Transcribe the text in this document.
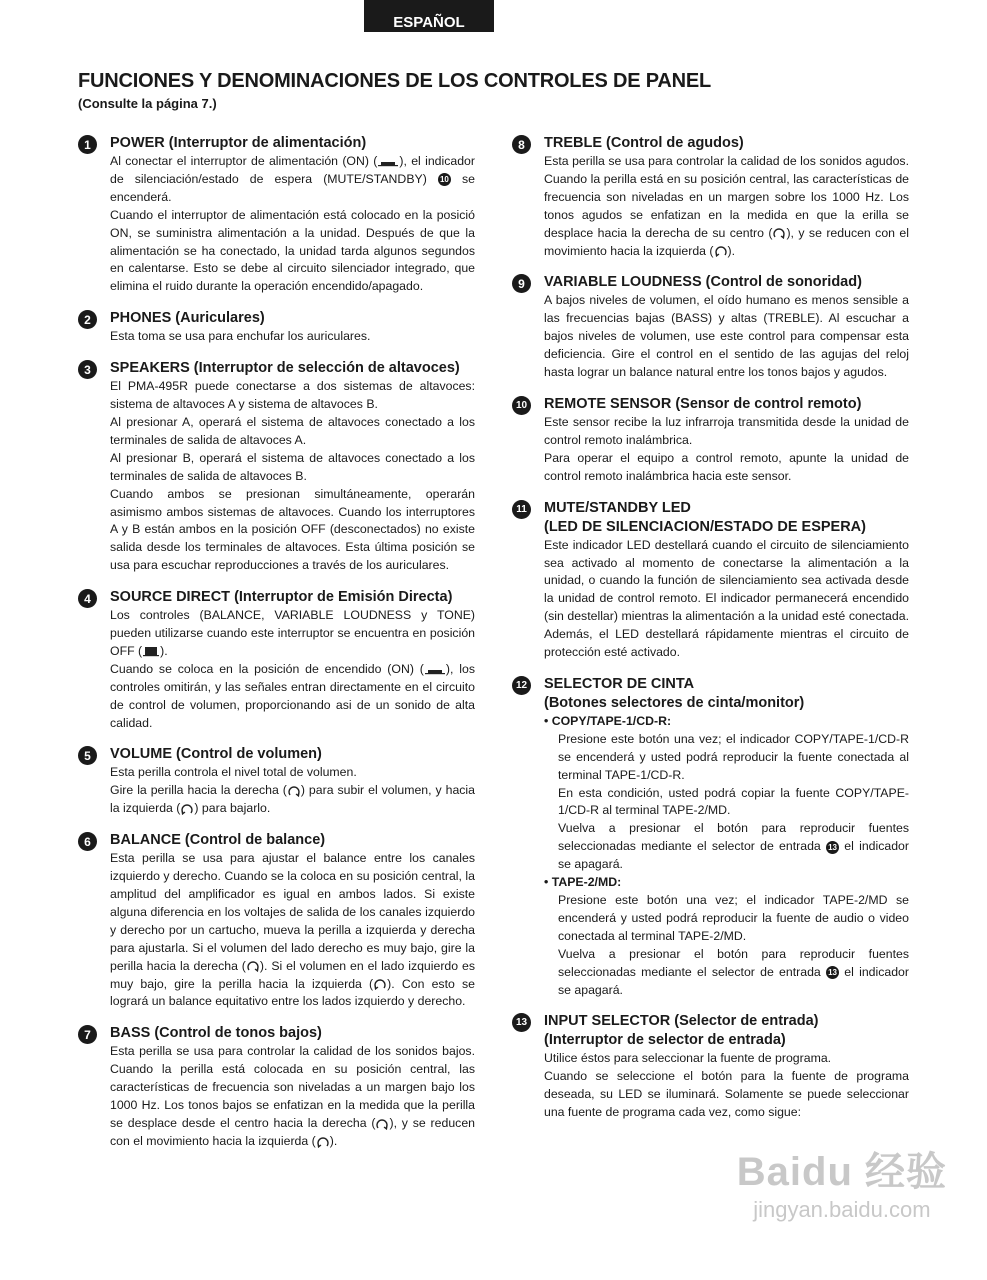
ESPAÑOL
FUNCIONES Y DENOMINACIONES DE LOS CONTROLES DE PANEL
(Consulte la página 7.)
1	POWER (Interruptor de alimentación)

Al conectar el interruptor de alimentación (ON) ( ), el indicador de silenciación/estado de espera (MUTE/STANDBY) 10 se encenderá.

Cuando el interruptor de alimentación está colocado en la posició ON, se suministra alimentación a la unidad. Después de que la alimentación se ha conectado, la unidad tarda algunos segundos en calentarse. Esto se debe al circuito silenciador integrado, que elimina el ruido durante la operación encendido/apagado.

2	PHONES (Auriculares)

Esta toma se usa para enchufar los auriculares.

3	SPEAKERS (Interruptor de selección de altavoces)

El PMA-495R puede conectarse a dos sistemas de altavoces: sistema de altavoces A y sistema de altavoces B.

Al presionar A, operará el sistema de altavoces conectado a los terminales de salida de altavoces A.

Al presionar B, operará el sistema de altavoces conectado a los terminales de salida de altavoces B.

Cuando ambos se presionan simultáneamente, operarán asimismo ambos sistemas de altavoces. Cuando los interruptores A y B están ambos en la posición OFF (desconectados) no existe salida desde los terminales de altavoces. Esta última posición se usa para escuchar reproducciones a través de los auriculares.

4	SOURCE DIRECT (Interruptor de Emisión Directa)

Los controles (BALANCE, VARIABLE LOUDNESS y TONE) pueden utilizarse cuando este interruptor se encuentra en posición OFF ( ).

Cuando se coloca en la posición de encendido (ON) ( ), los controles omitirán, y las señales entran directamente en el circuito de control de volumen, proporcionando asi de un sonido de alta calidad.

5	VOLUME (Control de volumen)

Esta perilla controla el nivel total de volumen.

Gire la perilla hacia la derecha ( ) para subir el volumen, y hacia la izquierda ( ) para bajarlo.

6	BALANCE (Control de balance)

Esta perilla se usa para ajustar el balance entre los canales izquierdo y derecho. Cuando se la coloca en su posición central, la amplitud del amplificador es igual en ambos lados. Si existe alguna diferencia en los voltajes de salida de los canales izquierdo y derecho por un cartucho, mueva la perilla a izquierda y derecha para ajustarla. Si el volumen del lado derecho es muy bajo, gire la perilla hacia la derecha ( ). Si el volumen en el lado izquierdo es muy bajo, gire la perilla hacia la izquierda ( ). Con esto se logrará un balance equitativo entre los lados izquierdo y derecho.

7	BASS (Control de tonos bajos)

Esta perilla se usa para controlar la calidad de los sonidos bajos. Cuando la perilla está colocada en su posición central, las características de frecuencia son niveladas a un margen bajo los 1000 Hz. Los tonos bajos se enfatizan en la medida que la perilla se desplace desde el centro hacia la derecha ( ), y se reducen con el movimiento hacia la izquierda ( ).

8	TREBLE (Control de agudos)

Esta perilla se usa para controlar la calidad de los sonidos agudos. Cuando la perilla está en su posición central, las características de frecuencia son niveladas en un margen sobre los 1000 Hz. Los tonos agudos se enfatizan en la medida en que la erilla se desplace hacia la derecha de su centro ( ), y se reducen con el movimiento hacia la izquierda ( ).

9	VARIABLE LOUDNESS (Control de sonoridad)

A bajos niveles de volumen, el oído humano es menos sensible a las frecuencias bajas (BASS) y altas (TREBLE). Al escuchar a bajos niveles de volumen, use este control para compensar esta deficiencia. Gire el control en el sentido de las agujas del reloj hasta lograr un balance natural entre los tonos bajos y agudos.

10 REMOTE SENSOR (Sensor de control remoto)

Este sensor recibe la luz infrarroja transmitida desde la unidad de control remoto inalámbrica.

Para operar el equipo a control remoto, apunte la unidad de control remoto inalámbrica hacia este sensor.

11 MUTE/STANDBY LED
(LED DE SILENCIACION/ESTADO DE ESPERA)

Este indicador LED destellará cuando el circuito de silenciamiento sea activado al momento de conectarse la alimentación a la unidad, o cuando la función de silenciamiento sea activada desde la unidad de control remoto. El indicador permanecerá encendido (sin destellar) mientras la alimentación a la unidad esté conectada. Además, el LED destellará rápidamente mientras el circuito de protección esté activado.

12 SELECTOR DE CINTA
(Botones selectores de cinta/monitor)

• COPY/TAPE-1/CD-R:

Presione este botón una vez; el indicador COPY/TAPE-1/CD-R se encenderá y usted podrá reproducir la fuente conectada al terminal TAPE-1/CD-R.

En esta condición, usted podrá copiar la fuente COPY/TAPE-1/CD-R al terminal TAPE-2/MD.

Vuelva a presionar el botón para reproducir fuentes seleccionadas mediante el selector de entrada 13 el indicador se apagará.

• TAPE-2/MD:

Presione este botón una vez; el indicador TAPE-2/MD se encenderá y usted podrá reproducir la fuente de audio o video conectada al terminal TAPE-2/MD.

Vuelva a presionar el botón para reproducir fuentes seleccionadas mediante el selector de entrada 13 el indicador se apagará.

13 INPUT SELECTOR (Selector de entrada)
(Interruptor de selector de entrada)

Utilice éstos para seleccionar la fuente de programa.

Cuando se seleccione el botón para la fuente de programa deseada, su LED se iluminará. Solamente se puede seleccionar una fuente de programa cada vez, como sigue:

Baidu 经验
jingyan.baidu.com
